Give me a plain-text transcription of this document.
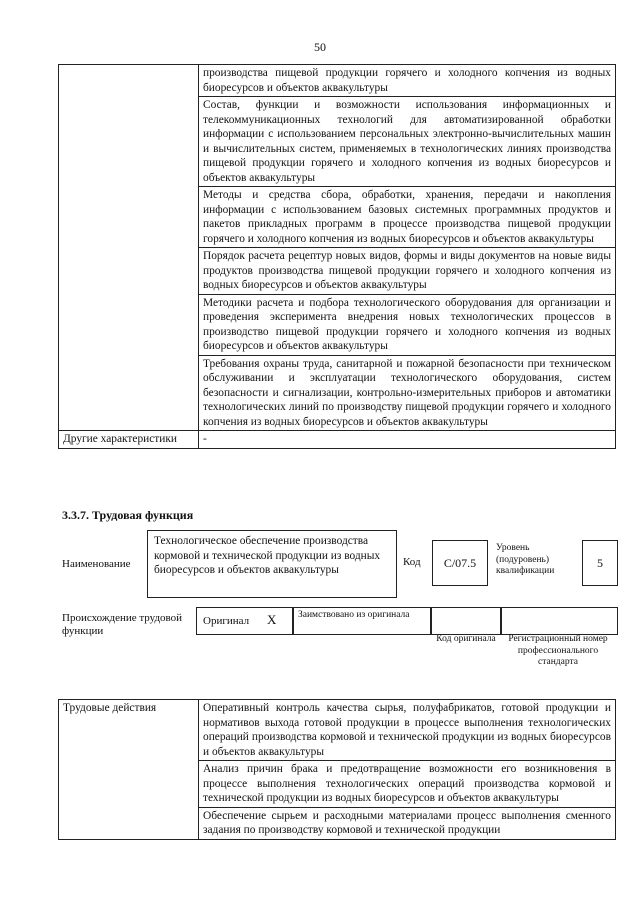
50

	производства пищевой продукции горячего и холодного копчения из водных биоресурсов и объектов аквакультуры

	Состав, функции и возможности использования информационных и телекоммуникационных технологий для автоматизированной обработки информации с использованием персональных электронно-вычислительных машин и вычислительных систем, применяемых в технологических линиях производства пищевой продукции горячего и холодного копчения из водных биоресурсов и объектов аквакультуры

	Методы и средства сбора, обработки, хранения, передачи и накопления информации с использованием базовых системных программных продуктов и пакетов прикладных программ в процессе производства пищевой продукции горячего и холодного копчения из водных биоресурсов и объектов аквакультуры

	Порядок расчета рецептур новых видов, формы и виды документов на новые виды продуктов производства пищевой продукции горячего и холодного копчения из водных биоресурсов и объектов аквакультуры

	Методики расчета и подбора технологического оборудования для организации и проведения эксперимента внедрения новых технологических процессов в производство пищевой продукции горячего и холодного копчения из водных биоресурсов и объектов аквакультуры

	Требования охраны труда, санитарной и пожарной безопасности при техническом обслуживании и эксплуатации технологического оборудования, систем безопасности и сигнализации, контрольно-измерительных приборов и автоматики технологических линий по производству пищевой продукции горячего и холодного копчения из водных биоресурсов и объектов аквакультуры

Другие характеристики	-
3.3.7. Трудовая функция
Наименование
Технологическое обеспечение производства кормовой и технической продукции из водных биоресурсов и объектов аквакультуры
Код	C/07.5
Уровень (подуровень) квалификации
5
Происхождение трудовой функции
Оригинал X Заимствовано из оригинала
Код оригинала	Регистрационный номер профессионального стандарта
Трудовые действия	Оперативный контроль качества сырья, полуфабрикатов, готовой продукции и нормативов выхода готовой продукции в процессе выполнения технологических операций производства кормовой и технической продукции из водных биоресурсов и объектов аквакультуры

Анализ причин брака и предотвращение возможности его возникновения в процессе выполнения технологических операций производства кормовой и технической продукции из водных биоресурсов и объектов аквакультуры

Обеспечение сырьем и расходными материалами процесс выполнения сменного задания по производству кормовой и технической продукции
